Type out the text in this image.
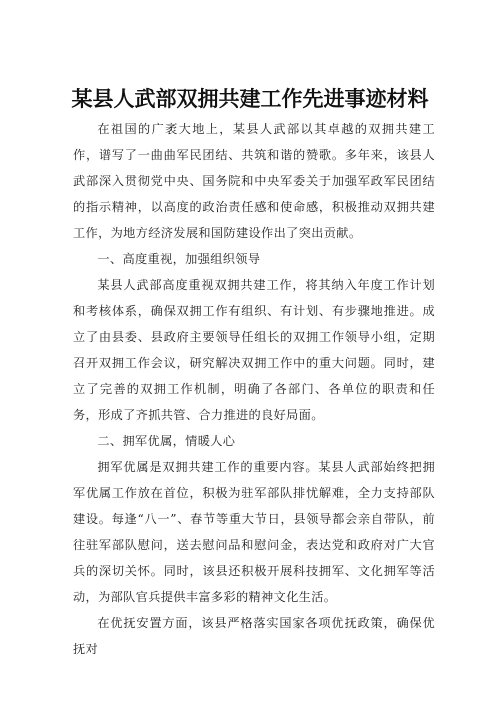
某县人武部双拥共建工作先进事迹材料

在祖国的广袤大地上，某县人武部以其卓越的双拥共建工作，谱写了一曲曲军民团结、共筑和谐的赞歌。多年来，该县人武部深入贯彻党中央、国务院和中央军委关于加强军政军民团结的指示精神，以高度的政治责任感和使命感，积极推动双拥共建工作，为地方经济发展和国防建设作出了突出贡献。

一、高度重视，加强组织领导

某县人武部高度重视双拥共建工作，将其纳入年度工作计划和考核体系，确保双拥工作有组织、有计划、有步骤地推进。成立了由县委、县政府主要领导任组长的双拥工作领导小组，定期召开双拥工作会议，研究解决双拥工作中的重大问题。同时，建立了完善的双拥工作机制，明确了各部门、各单位的职责和任务，形成了齐抓共管、合力推进的良好局面。

二、拥军优属，情暖人心

拥军优属是双拥共建工作的重要内容。某县人武部始终把拥军优属工作放在首位，积极为驻军部队排忧解难，全力支持部队建设。每逢“八一”、春节等重大节日，县领导都会亲自带队，前往驻军部队慰问，送去慰问品和慰问金，表达党和政府对广大官兵的深切关怀。同时，该县还积极开展科技拥军、文化拥军等活动，为部队官兵提供丰富多彩的精神文化生活。

在优抚安置方面，该县严格落实国家各项优抚政策，确保优抚对
